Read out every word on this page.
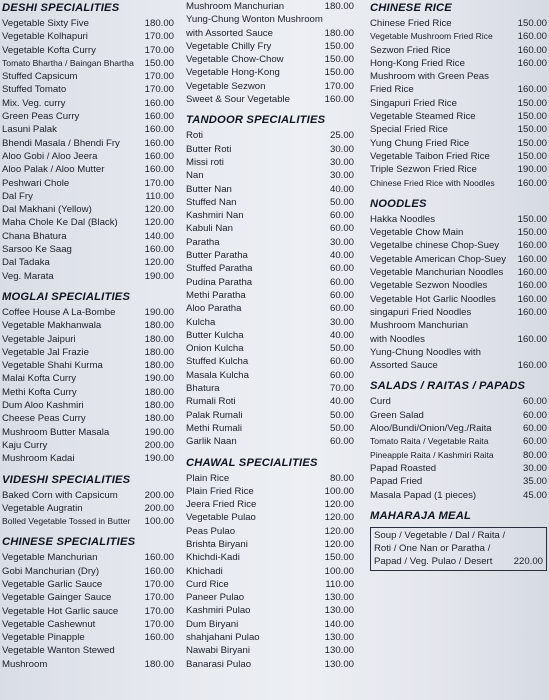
DESHI SPECIALITIES
Vegetable Sixty Five	180.00
Vegetable Kolhapuri	170.00
Vegetable Kofta Curry	170.00
Tomato Bhartha / Baingan Bhartha	150.00
Stuffed Capsicum	170.00
Stuffed Tomato	170.00
Mix. Veg. curry	160.00
Green Peas Curry	160.00
Lasuni Palak	160.00
Bhendi Masala / Bhendi Fry	160.00
Aloo Gobi / Aloo Jeera	160.00
Aloo Palak / Aloo Mutter	160.00
Peshwari Chole	170.00
Dal Fry	110.00
Dal Makhani (Yellow)	120.00
Maha Chole Ke Dal (Black)	120.00
Chana Bhatura	140.00
Sarsoo Ke Saag	160.00
Dal Tadaka	120.00
Veg. Marata	190.00
MOGLAI SPECIALITIES
Coffee House A La-Bombe	190.00
Vegetable Makhanwala	180.00
Vegetable Jaipuri	180.00
Vegetable Jal Frazie	180.00
Vegetable Shahi Kurma	180.00
Malai Kofta Curry	190.00
Methi Kofta Curry	180.00
Dum Aloo Kashmiri	180.00
Cheese Peas Curry	180.00
Mushroom Butter Masala	190.00
Kaju Curry	200.00
Mushroom Kadai	190.00
VIDESHI SPECIALITIES
Baked Corn with Capsicum	200.00
Vegetable Augratin	200.00
Bolled Vegetable Tossed in Butter	100.00
CHINESE SPECIALITIES
Vegetable Manchurian	160.00
Gobi Manchurian (Dry)	160.00
Vegetable Garlic Sauce	170.00
Vegetable Gainger Sauce	170.00
Vegetable Hot Garlic sauce	170.00
Vegetable Cashewnut	170.00
Vegetable Pinapple	160.00
Vegetable Wanton Stewed
Mushroom	180.00
Mushroom Manchurian	180.00
Yung-Chung Wonton Mushroom
with Assorted Sauce	180.00
Vegetable Chilly Fry	150.00
Vegetable Chow-Chow	150.00
Vegetable Hong-Kong	150.00
Vegetable Sezwon	170.00
Sweet & Sour Vegetable	160.00
TANDOOR SPECIALITIES
Roti	25.00
Butter Roti	30.00
Missi roti	30.00
Nan	30.00
Butter Nan	40.00
Stuffed Nan	50.00
Kashmiri Nan	60.00
Kabuli Nan	60.00
Paratha	30.00
Butter Paratha	40.00
Stuffed Paratha	60.00
Pudina Paratha	60.00
Methi Paratha	60.00
Aloo Paratha	60.00
Kulcha	30.00
Butter Kulcha	40.00
Onion Kulcha	50.00
Stuffed Kulcha	60.00
Masala Kulcha	60.00
Bhatura	70.00
Rumali Roti	40.00
Palak Rumali	50.00
Methi Rumali	50.00
Garlik Naan	60.00
CHAWAL SPECIALITIES
Plain Rice	80.00
Plain Fried Rice	100.00
Jeera Fried Rice	120.00
Vegetable Pulao	120.00
Peas Pulao	120.00
Brishta Biryani	120.00
Khichdi-Kadi	150.00
Khichadi	100.00
Curd Rice	110.00
Paneer Pulao	130.00
Kashmiri Pulao	130.00
Dum Biryani	140.00
shahjahani Pulao	130.00
Nawabi Biryani	130.00
Banarasi Pulao	130.00
CHINESE RICE
Chinese Fried Rice	150.00
Vegetable Mushroom Fried Rice	160.00
Sezwon Fried Rice	160.00
Hong-Kong Fried Rice	160.00
Mushroom with Green Peas
Fried Rice	160.00
Singapuri Fried Rice	150.00
Vegetable Steamed Rice	150.00
Special Fried Rice	150.00
Yung Chung Fried Rice	150.00
Vegetable Taibon Fried Rice	150.00
Triple Sezwon Fried Rice	190.00
Chinese Fried Rice with Noodles	160.00
NOODLES
Hakka Noodles	150.00
Vegetable Chow Main	150.00
Vegetalbe chinese Chop-Suey	160.00
Vegetable American Chop-Suey	160.00
Vegetable Manchurian Noodles	160.00
Vegetable Sezwon Noodles	160.00
Vegetable Hot Garlic Noodles	160.00
singapuri Fried Noodles	160.00
Mushroom Manchurian
with Noodles	160.00
Yung-Chung Noodles with
Assorted Sauce	160.00
SALADS / RAITAS / PAPADS
Curd	60.00
Green Salad	60.00
Aloo/Bundi/Onion/Veg./Raita	60.00
Tomato Raita / Vegetable Raita	60.00
Pineapple Raita / Kashmiri Raita	80.00
Papad Roasted	30.00
Papad Fried	35.00
Masala Papad (1 pieces)	45.00
MAHARAJA MEAL
Soup / Vegetable / Dal / Raita /
Roti / One Nan or Paratha /
Papad / Veg. Pulao / Desert	220.00
